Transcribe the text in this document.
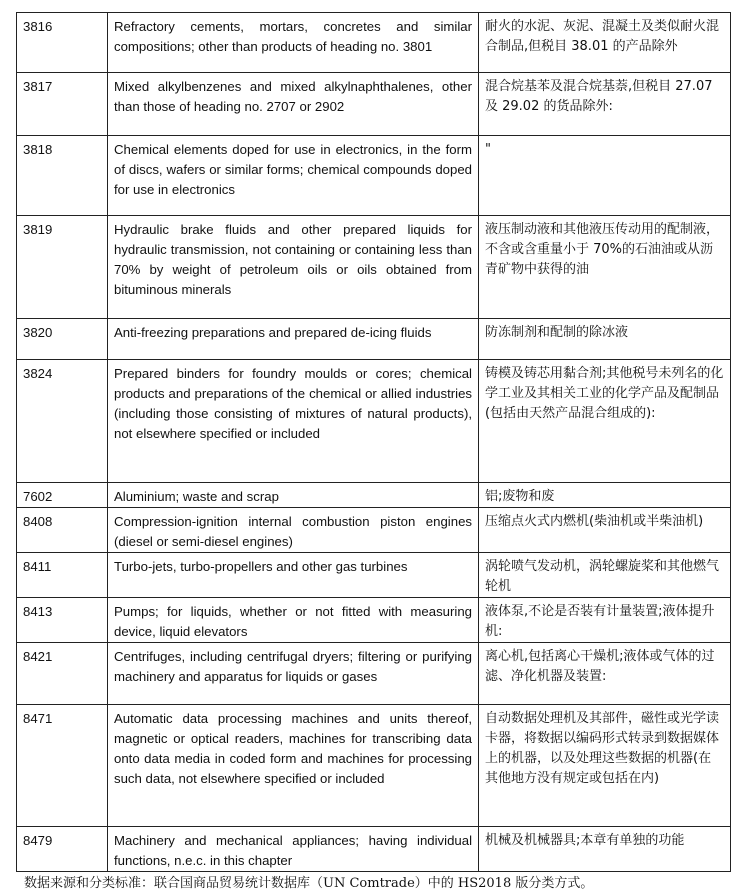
3816	Refractory cements, mortars, concretes and similar compositions; other than products of heading no. 3801	耐火的水泥、灰泥、混凝土及类似耐火混合制品,但税目 38.01 的产品除外
3817	Mixed alkylbenzenes and mixed alkylnaphthalenes, other than those of heading no. 2707 or 2902	混合烷基苯及混合烷基萘,但税目 27.07 及 29.02 的货品除外:
3818	Chemical elements doped for use in electronics, in the form of discs, wafers or similar forms; chemical compounds doped for use in electronics	"
3819	Hydraulic brake fluids and other prepared liquids for hydraulic transmission, not containing or containing less than 70% by weight of petroleum oils or oils obtained from bituminous minerals	液压制动液和其他液压传动用的配制液，不含或含重量小于 70%的石油油或从沥青矿物中获得的油
3820	Anti-freezing preparations and prepared de-icing fluids	防冻制剂和配制的除冰液
3824	Prepared binders for foundry moulds or cores; chemical products and preparations of the chemical or allied industries (including those consisting of mixtures of natural products), not elsewhere specified or included	铸模及铸芯用黏合剂;其他税号未列名的化学工业及其相关工业的化学产品及配制品(包括由天然产品混合组成的):
7602	Aluminium; waste and scrap	铝;废物和废
8408	Compression-ignition internal combustion piston engines (diesel or semi-diesel engines)	压缩点火式内燃机(柴油机或半柴油机)
8411	Turbo-jets, turbo-propellers and other gas turbines	涡轮喷气发动机，涡轮螺旋桨和其他燃气轮机
8413	Pumps; for liquids, whether or not fitted with measuring device, liquid elevators	液体泵,不论是否装有计量装置;液体提升机:
8421	Centrifuges, including centrifugal dryers; filtering or purifying machinery and apparatus for liquids or gases	离心机,包括离心干燥机;液体或气体的过滤、净化机器及装置:
8471	Automatic data processing machines and units thereof, magnetic or optical readers, machines for transcribing data onto data media in coded form and machines for processing such data, not elsewhere specified or included	自动数据处理机及其部件，磁性或光学读卡器，将数据以编码形式转录到数据媒体上的机器，以及处理这些数据的机器(在其他地方没有规定或包括在内)
8479	Machinery and mechanical appliances; having individual functions, n.e.c. in this chapter	机械及机械器具;本章有单独的功能
数据来源和分类标准：联合国商品贸易统计数据库（UN Comtrade）中的 HS2018 版分类方式。
